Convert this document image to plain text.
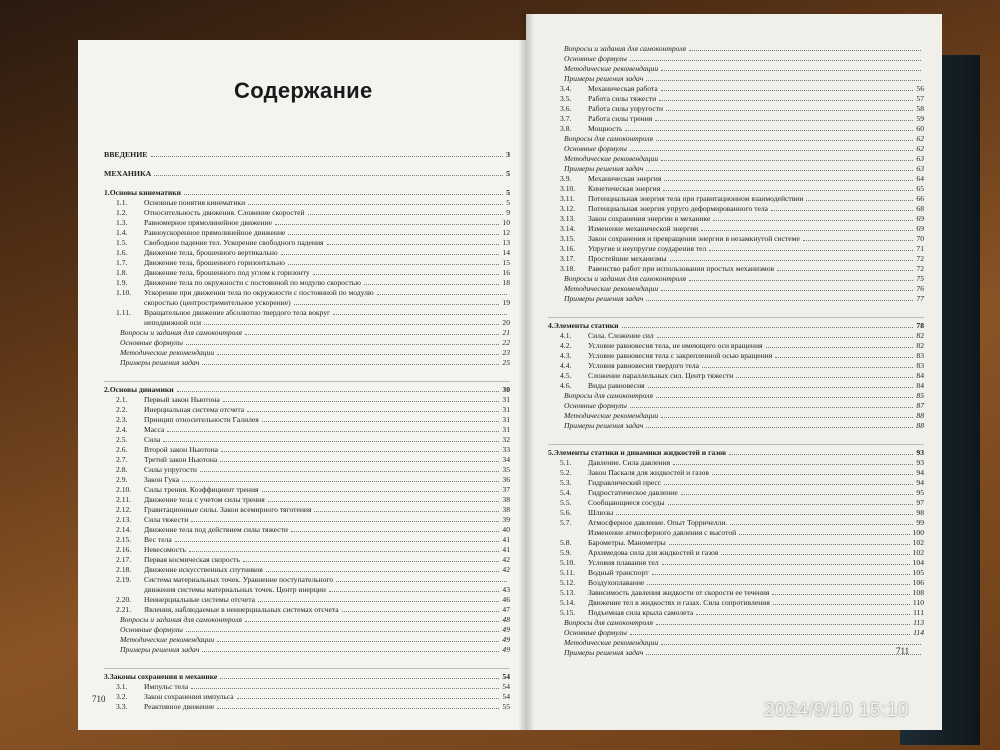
Содержание
ВВЕДЕНИЕ	3
МЕХАНИКА	5
1.Основы кинематики	5
1.1. Основные понятия кинематики	5
1.2. Относительность движения. Сложение скоростей	9
1.3. Равномерное прямолинейное движение	10
1.4. Равноускоренное прямолинейное движение	12
1.5. Свободное падение тел. Ускорение свободного падения	13
1.6. Движение тела, брошенного вертикально	14
1.7. Движение тела, брошенного горизонтально	15
1.8. Движение тела, брошенного под углом к горизонту	16
1.9. Движение тела по окружности с постоянной по модулю скоростью	18
1.10. Ускорение при движении тела по окружности с постоянной по модулю
скоростью (центростремительное ускорение)	19
1.11. Вращательное движение абсолютно твердого тела вокруг
неподвижной оси	20
Вопросы и задания для самоконтроля	21
Основные формулы	22
Методические рекомендации	23
Примеры решения задач	25
2.Основы динамики	30
2.1. Первый закон Ньютона	31
2.2. Инерциальная система отсчета	31
2.3. Принцип относительности Галилея	31
2.4. Масса	31
2.5. Сила	32
2.6. Второй закон Ньютона	33
2.7. Третий закон Ньютона	34
2.8. Силы упругости	35
2.9. Закон Гука	36
2.10. Силы трения. Коэффициент трения	37
2.11. Движение тела с учетом силы трения	38
2.12. Гравитационные силы. Закон всемирного тяготения	38
2.13. Сила тяжести	39
2.14. Движение тела под действием силы тяжести	40
2.15. Вес тела	41
2.16. Невесомость	41
2.17. Первая космическая скорость	42
2.18. Движение искусственных спутников	42
2.19. Система материальных точек. Уравнение поступательного
движения системы материальных точек. Центр инерции	43
2.20. Неинерциальные системы отсчета	46
2.21. Явления, наблюдаемые в неинерциальных системах отсчета	47
Вопросы и задания для самоконтроля	48
Основные формулы	49
Методические рекомендации	49
Примеры решения задач	49
3.Законы сохранения в механике	54
3.1. Импульс тела	54
3.2. Закон сохранения импульса	54
3.3. Реактивное движение	55
710
Вопросы и задания для самоконтроля
Основные формулы
Методические рекомендации
Примеры решения задач
3.4. Механическая работа	56
3.5. Работа силы тяжести	57
3.6. Работа силы упругости	58
3.7. Работа силы трения	59
3.8. Мощность	60
Вопросы для самоконтроля	62
Основные формулы	62
Методические рекомендации	63
Примеры решения задач	63
3.9. Механическая энергия	64
3.10. Кинетическая энергия	65
3.11. Потенциальная энергия тела при гравитационном взаимодействии	66
3.12. Потенциальная энергия упруго деформированного тела	68
3.13. Закон сохранения энергии в механике	69
3.14. Изменение механической энергии	69
3.15. Закон сохранения и превращения энергии в незамкнутой системе	70
3.16. Упругие и неупругие соударения тел	71
3.17. Простейшие механизмы	72
3.18. Равенство работ при использовании простых механизмов	72
Вопросы и задания для самоконтроля	75
Методические рекомендации	76
Примеры решения задач	77
4.Элементы статики	78
4.1. Сила. Сложение сил	82
4.2. Условие равновесия тела, не имеющего оси вращения	82
4.3. Условие равновесия тела с закрепленной осью вращения	83
4.4. Условия равновесия твердого тела	83
4.5. Сложение параллельных сил. Центр тяжести	84
4.6. Виды равновесия	84
Вопросы для самоконтроля	85
Основные формулы	87
Методические рекомендации	88
Примеры решения задач	88
5.Элементы статики и динамики жидкостей и газов	93
5.1. Давление. Сила давления	93
5.2. Закон Паскаля для жидкостей и газов	94
5.3. Гидравлический пресс	94
5.4. Гидростатическое давление	95
5.5. Сообщающиеся сосуды	97
5.6. Шлюзы	98
5.7. Атмосферное давление. Опыт Торричелли.	99
Изменение атмосферного давления с высотой	100
5.8. Барометры. Манометры	102
5.9. Архимедова сила для жидкостей и газов	102
5.10. Условия плавания тел	104
5.11. Водный транспорт	105
5.12. Воздухоплавание	106
5.13. Зависимость давления жидкости от скорости ее течения	108
5.14. Движение тел в жидкостях и газах. Сила сопротивления	110
5.15. Подъемная сила крыла самолета	111
Вопросы для самоконтроля	113
Основные формулы	114
Методические рекомендации
Примеры решения задач	711
2024/9/10 15:10
